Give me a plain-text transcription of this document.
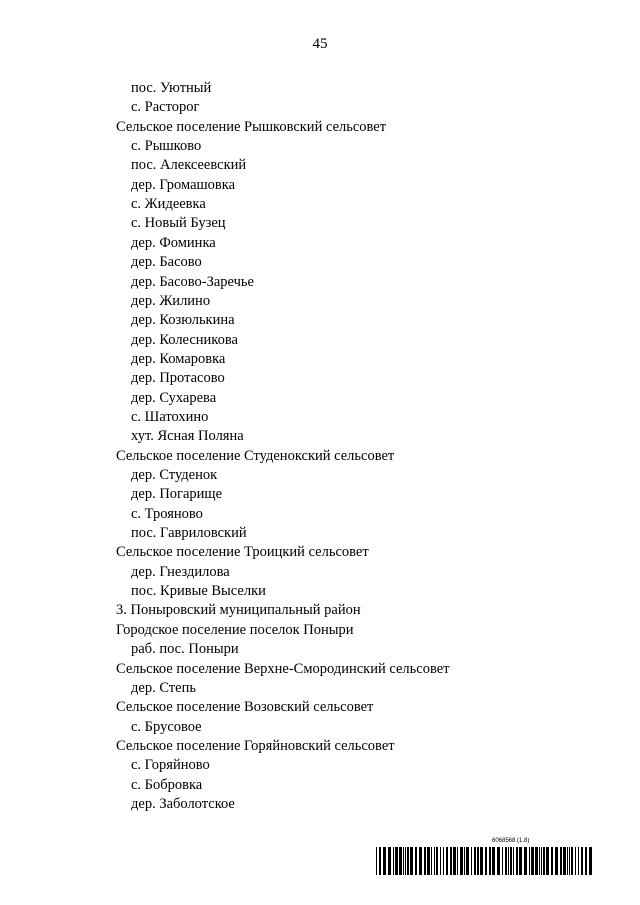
45
пос. Уютный
с. Расторог
Сельское поселение Рышковский сельсовет
с. Рышково
пос. Алексеевский
дер. Громашовка
с. Жидеевка
с. Новый Бузец
дер. Фоминка
дер. Басово
дер. Басово-Заречье
дер. Жилино
дер. Козюлькина
дер. Колесникова
дер. Комаровка
дер. Протасово
дер. Сухарева
с. Шатохино
хут. Ясная Поляна
Сельское поселение Студенокский сельсовет
дер. Студенок
дер. Погарище
с. Трояново
пос. Гавриловский
Сельское поселение Троицкий сельсовет
дер. Гнездилова
пос. Кривые Выселки
3. Поныровский муниципальный район
Городское поселение поселок Поныри
раб. пос. Поныри
Сельское поселение Верхне-Смородинский сельсовет
дер. Степь
Сельское поселение Возовский сельсовет
с. Брусовое
Сельское поселение Горяйновский сельсовет
с. Горяйново
с. Бобровка
дер. Заболотское
6068568 (1.8)
